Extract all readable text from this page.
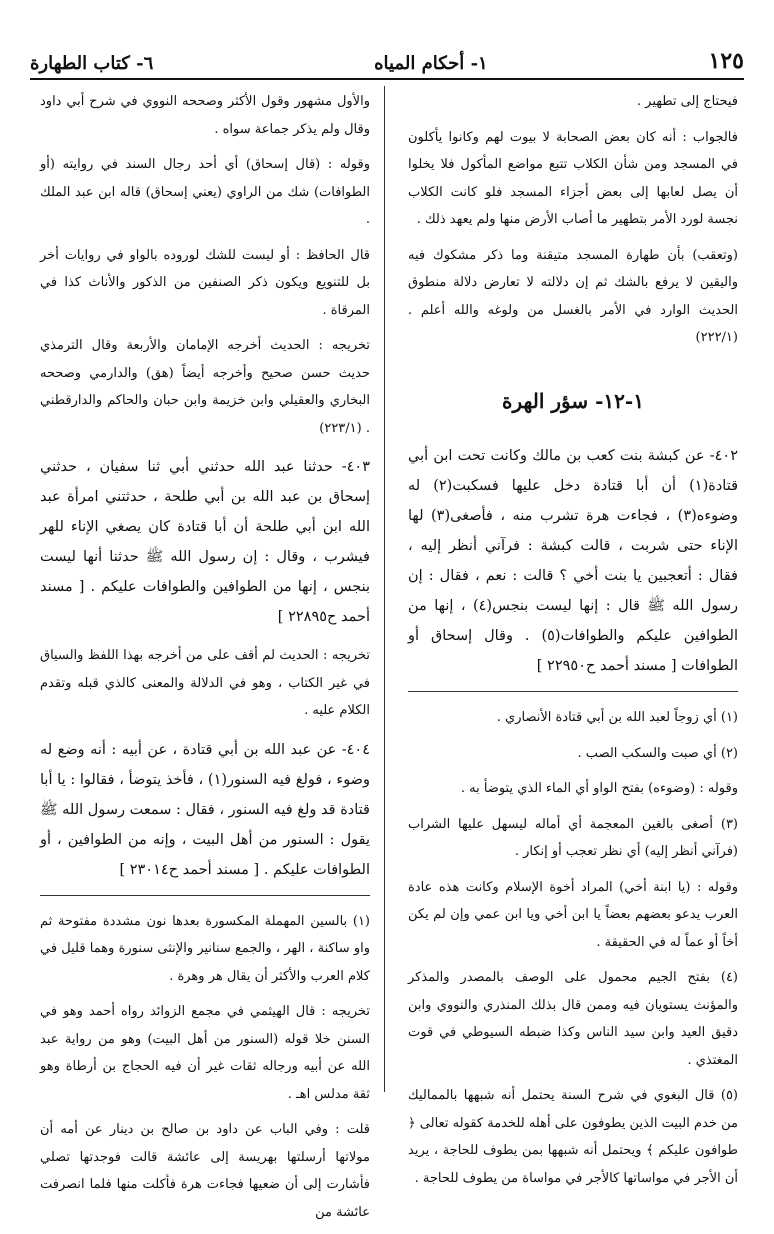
١٢٥
١- أحكام المياه
٦- كتاب الطهارة

فيحتاج إلى تطهير .

فالجواب : أنه كان بعض الصحابة لا بيوت لهم وكانوا يأكلون في المسجد ومن شأن الكلاب تتبع مواضع المأكول فلا يخلوا أن يصل لعابها إلى بعض أجزاء المسجد فلو كانت الكلاب نجسة لورد الأمر بتطهير ما أصاب الأرض منها ولم يعهد ذلك .

(وتعقب) بأن طهارة المسجد متيقنة وما ذكر مشكوك فيه واليقين لا يرفع بالشك ثم إن دلالته لا تعارض دلالة منطوق الحديث الوارد في الأمر بالغسل من ولوغه والله أعلم . (٢٢٢/١)

١-١٢- سؤر الهرة

٤٠٢- عن كبشة بنت كعب بن مالك وكانت تحت ابن أبي قتادة(١) أن أبا قتادة دخل عليها فسكبت(٢) له وضوءه(٣) ، فجاءت هرة تشرب منه ، فأصغى(٣) لها الإناء حتى شربت ، قالت كبشة : فرآني أنظر إليه ، فقال : أتعجبين يا بنت أخي ؟ قالت : نعم ، فقال : إن رسول الله ﷺ قال : إنها ليست بنجس(٤) ، إنها من الطوافين عليكم والطوافات(٥) . وقال إسحاق أو الطوافات [ مسند أحمد ح٢٢٩٥٠ ]

(١) أي زوجاً لعبد الله بن أبي قتادة الأنصاري .

(٢) أي صبت والسكب الصب .

وقوله : (وضوءه) بفتح الواو أي الماء الذي يتوضأ به .

(٣) أصغى بالغين المعجمة أي أماله ليسهل عليها الشراب (فرآني أنظر إليه) أي نظر تعجب أو إنكار .

وقوله : (يا ابنة أخي) المراد أخوة الإسلام وكانت هذه عادة العرب يدعو بعضهم بعضاً يا ابن أخي ويا ابن عمي وإن لم يكن أخاً أو عماً له في الحقيقة .

(٤) بفتح الجيم محمول على الوصف بالمصدر والمذكر والمؤنث يستويان فيه وممن قال بذلك المنذري والنووي وابن دقيق العيد وابن سيد الناس وكذا ضبطه السيوطي في قوت المغتذي .

(٥) قال البغوي في شرح السنة يحتمل أنه شبهها بالمماليك من خدم البيت الذين يطوفون على أهله للخدمة كقوله تعالى ﴿ طوافون عليكم ﴾ ويحتمل أنه شبهها بمن يطوف للحاجة ، يريد أن الأجر في مواساتها كالأجر في مواساة من يطوف للحاجة .

والأول مشهور وقول الأكثر وصححه النووي في شرح أبي داود وقال ولم يذكر جماعة سواه .

وقوله : (قال إسحاق) أي أحد رجال السند في روايته (أو الطوافات) شك من الراوي (يعني إسحاق) قاله ابن عبد الملك .

قال الحافظ : أو ليست للشك لوروده بالواو في روايات أخر بل للتنويع ويكون ذكر الصنفين من الذكور والأناث كذا في المرقاة .

تخريجه : الحديث أخرجه الإمامان والأربعة وقال الترمذي حديث حسن صحيح وأخرجه أيضاً (هق) والدارمي وصححه البخاري والعقيلي وابن خزيمة وابن حبان والحاكم والدارقطني . (٢٢٣/١)

٤٠٣- حدثنا عبد الله حدثني أبي ثنا سفيان ، حدثني إسحاق بن عبد الله بن أبي طلحة ، حدثتني امرأة عبد الله ابن أبي طلحة أن أبا قتادة كان يصغي الإناء للهر فيشرب ، وقال : إن رسول الله ﷺ حدثنا أنها ليست بنجس ، إنها من الطوافين والطوافات عليكم . [ مسند أحمد ح٢٢٨٩٥ ]

تخريجه : الحديث لم أقف على من أخرجه بهذا اللفظ والسياق في غير الكتاب ، وهو في الدلالة والمعنى كالذي قبله وتقدم الكلام عليه .

٤٠٤- عن عبد الله بن أبي قتادة ، عن أبيه : أنه وضع له وضوء ، فولغ فيه السنور(١) ، فأخذ يتوضأ ، فقالوا : يا أبا قتادة قد ولغ فيه السنور ، فقال : سمعت رسول الله ﷺ يقول : السنور من أهل البيت ، وإنه من الطوافين ، أو الطوافات عليكم . [ مسند أحمد ح٢٣٠١٤ ]

(١) بالسين المهملة المكسورة بعدها نون مشددة مفتوحة ثم واو ساكنة ، الهر ، والجمع سنانير والإنثى سنورة وهما قليل في كلام العرب والأكثر أن يقال هر وهرة .

تخريجه : قال الهيثمي في مجمع الزوائد رواه أحمد وهو في السنن خلا قوله (السنور من أهل البيت) وهو من رواية عبد الله عن أبيه ورجاله ثقات غير أن فيه الحجاج بن أرطاة وهو ثقة مدلس اهـ .

قلت : وفي الباب عن داود بن صالح بن دينار عن أمه أن مولاتها أرسلتها بهريسة إلى عائشة قالت فوجدتها تصلي فأشارت إلى أن ضعيها فجاءت هرة فأكلت منها فلما انصرفت عائشة من
